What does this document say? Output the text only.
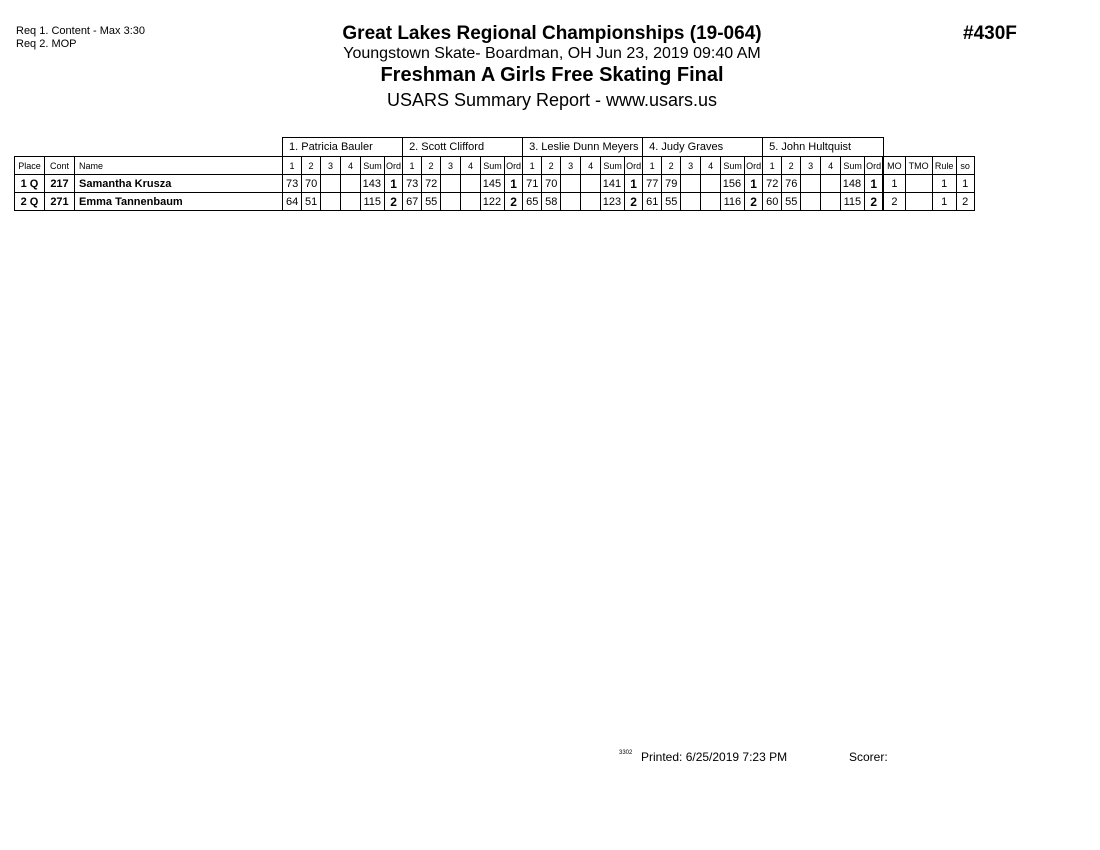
Req 1. Content - Max 3:30
Req 2. MOP	Great Lakes Regional Championships (19-064)
Youngstown Skate- Boardman, OH Jun 23, 2019 09:40 AM
Freshman A Girls Free Skating Final
USARS Summary Report - www.usars.us
#430F
			1. Patricia Bauler						2. Scott Clifford						3. Leslie Dunn Meyers						4. Judy Graves						5. John Hultquist									
Place	Cont	Name	1	2	3	4	Sum	Ord	1	2	3	4	Sum	Ord	1	2	3	4	Sum	Ord	1	2	3	4	Sum	Ord	1	2	3	4	Sum	Ord	MO	TMO	Rule	so
1 Q	217	Samantha Krusza	73	70			143	1	73	72			145	1	71	70			141	1	77	79			156	1	72	76			148	1	1		1	1
2 Q	271	Emma Tannenbaum	64	51			115	2	67	55			122	2	65	58			123	2	61	55			116	2	60	55			115	2	2		1	2
3302 Printed: 6/25/2019 7:23 PM	Scorer:
